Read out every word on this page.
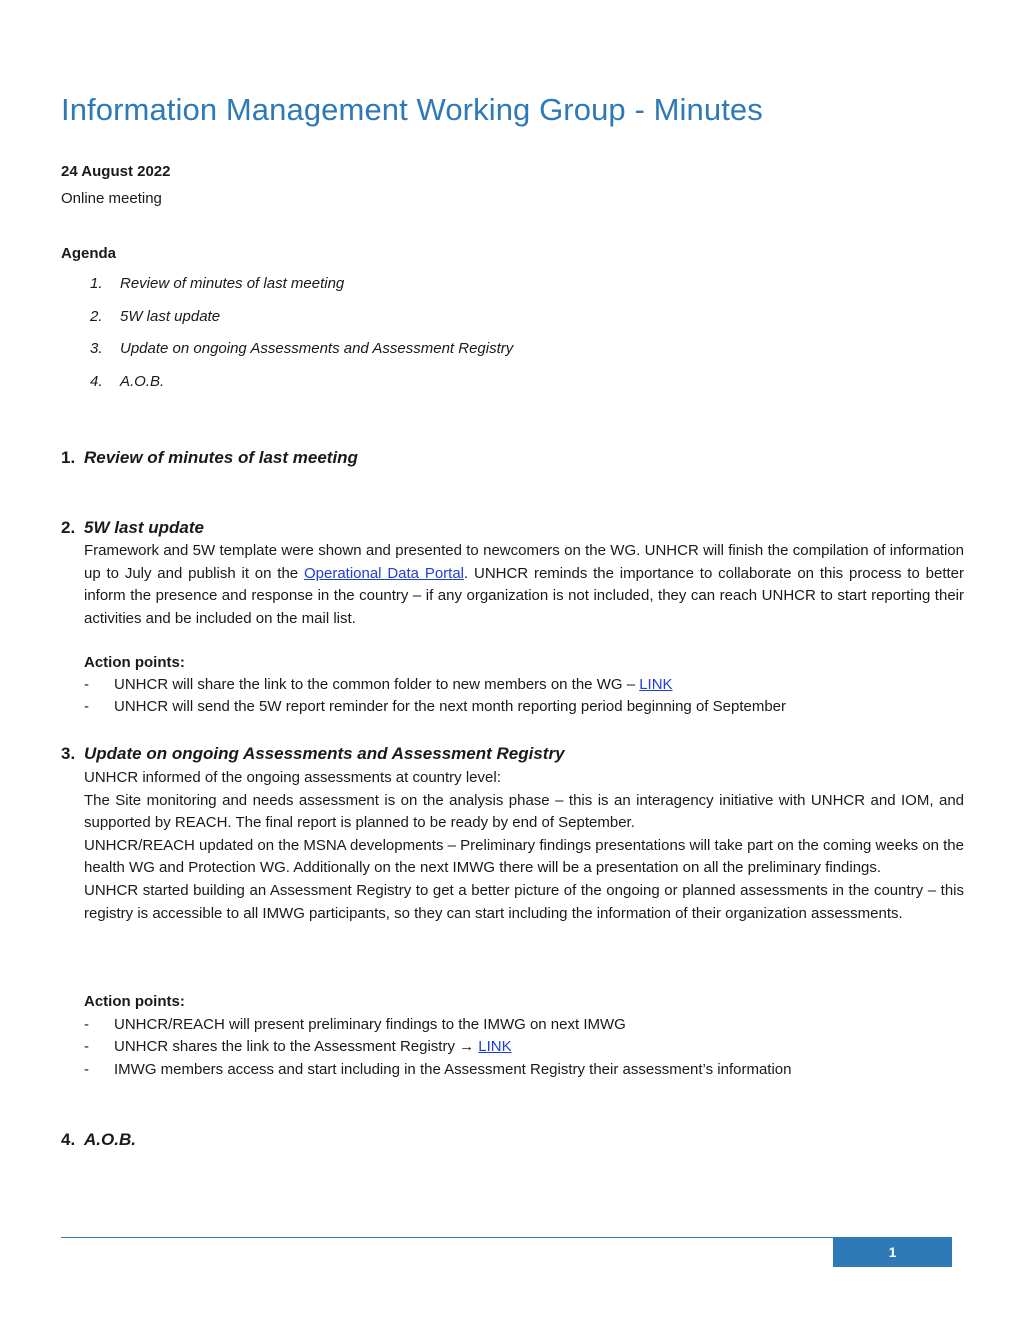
Information Management Working Group - Minutes
24 August 2022
Online meeting
Agenda
1. Review of minutes of last meeting
2. 5W last update
3. Update on ongoing Assessments and Assessment Registry
4. A.O.B.
1. Review of minutes of last meeting
2. 5W last update
Framework and 5W template were shown and presented to newcomers on the WG. UNHCR will finish the compilation of information up to July and publish it on the Operational Data Portal. UNHCR reminds the importance to collaborate on this process to better inform the presence and response in the country – if any organization is not included, they can reach UNHCR to start reporting their activities and be included on the mail list.
Action points:
- UNHCR will share the link to the common folder to new members on the WG – LINK
- UNHCR will send the 5W report reminder for the next month reporting period beginning of September
3. Update on ongoing Assessments and Assessment Registry

UNHCR informed of the ongoing assessments at country level:

The Site monitoring and needs assessment is on the analysis phase – this is an interagency initiative with UNHCR and IOM, and supported by REACH. The final report is planned to be ready by end of September.

UNHCR/REACH updated on the MSNA developments – Preliminary findings presentations will take part on the coming weeks on the health WG and Protection WG. Additionally on the next IMWG there will be a presentation on all the preliminary findings.

UNHCR started building an Assessment Registry to get a better picture of the ongoing or planned assessments in the country – this registry is accessible to all IMWG participants, so they can start including the information of their organization assessments.

Action points:
- UNHCR/REACH will present preliminary findings to the IMWG on next IMWG
- UNHCR shares the link to the Assessment Registry → LINK
- IMWG members access and start including in the Assessment Registry their assessment’s information
4. A.O.B.
1
